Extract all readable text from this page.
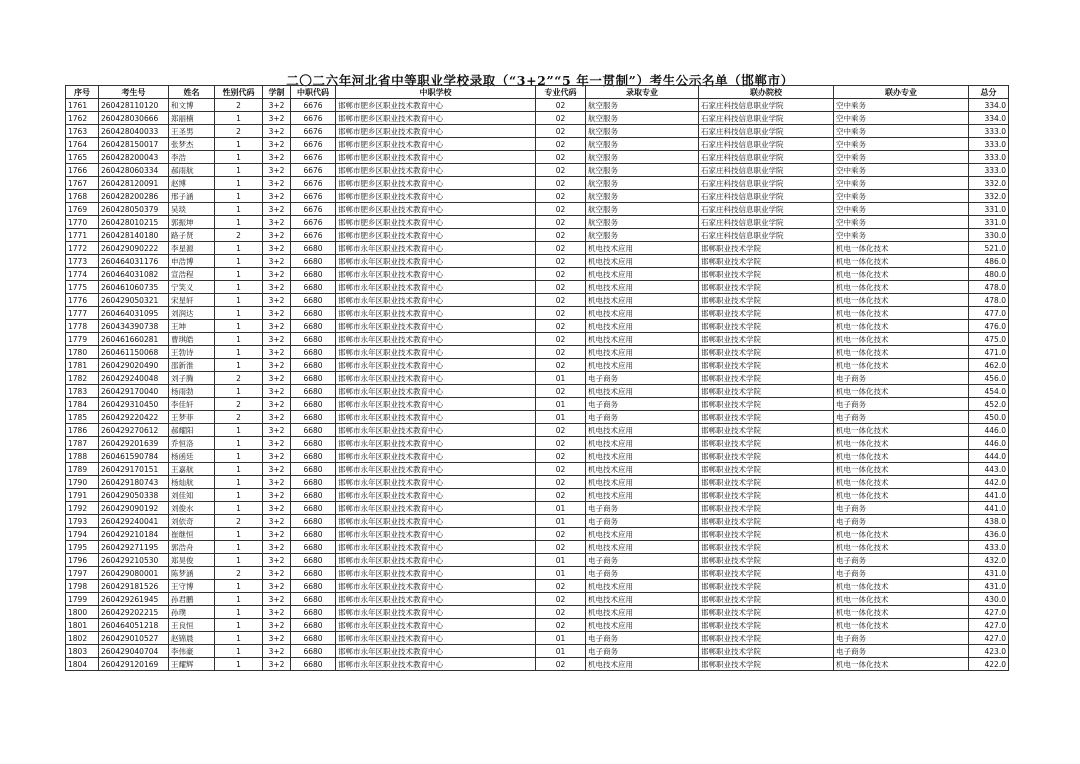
二〇二六年河北省中等职业学校录取（“3+2”“5 年一贯制”）考生公示名单（邯郸市）
序号	考生号	姓名	性别代码	学制	中职代码	中职学校	专业代码	录取专业	联办院校	联办专业	总分
1761	260428110120	和文博	2	3+2	6676	邯郸市肥乡区职业技术教育中心	02	航空服务	石家庄科技信息职业学院	空中乘务	334.0
1762	260428030666	郑丽楠	1	3+2	6676	邯郸市肥乡区职业技术教育中心	02	航空服务	石家庄科技信息职业学院	空中乘务	334.0
1763	260428040033	王圣男	2	3+2	6676	邯郸市肥乡区职业技术教育中心	02	航空服务	石家庄科技信息职业学院	空中乘务	333.0
1764	260428150017	张梦杰	1	3+2	6676	邯郸市肥乡区职业技术教育中心	02	航空服务	石家庄科技信息职业学院	空中乘务	333.0
1765	260428200043	李浩	1	3+2	6676	邯郸市肥乡区职业技术教育中心	02	航空服务	石家庄科技信息职业学院	空中乘务	333.0
1766	260428060334	郝雨航	1	3+2	6676	邯郸市肥乡区职业技术教育中心	02	航空服务	石家庄科技信息职业学院	空中乘务	333.0
1767	260428120091	赵博	1	3+2	6676	邯郸市肥乡区职业技术教育中心	02	航空服务	石家庄科技信息职业学院	空中乘务	332.0
1768	260428200286	邢子涵	1	3+2	6676	邯郸市肥乡区职业技术教育中心	02	航空服务	石家庄科技信息职业学院	空中乘务	332.0
1769	260428050379	吴琰	1	3+2	6676	邯郸市肥乡区职业技术教育中心	02	航空服务	石家庄科技信息职业学院	空中乘务	331.0
1770	260428010215	郭振坤	1	3+2	6676	邯郸市肥乡区职业技术教育中心	02	航空服务	石家庄科技信息职业学院	空中乘务	331.0
1771	260428140180	路子贤	2	3+2	6676	邯郸市肥乡区职业技术教育中心	02	航空服务	石家庄科技信息职业学院	空中乘务	330.0
1772	260429090222	李星源	1	3+2	6680	邯郸市永年区职业技术教育中心	02	机电技术应用	邯郸职业技术学院	机电一体化技术	521.0
1773	260464031176	申浩博	1	3+2	6680	邯郸市永年区职业技术教育中心	02	机电技术应用	邯郸职业技术学院	机电一体化技术	486.0
1774	260464031082	宣浩程	1	3+2	6680	邯郸市永年区职业技术教育中心	02	机电技术应用	邯郸职业技术学院	机电一体化技术	480.0
1775	260461060735	宁笑义	1	3+2	6680	邯郸市永年区职业技术教育中心	02	机电技术应用	邯郸职业技术学院	机电一体化技术	478.0
1776	260429050321	宋星轩	1	3+2	6680	邯郸市永年区职业技术教育中心	02	机电技术应用	邯郸职业技术学院	机电一体化技术	478.0
1777	260464031095	刘润达	1	3+2	6680	邯郸市永年区职业技术教育中心	02	机电技术应用	邯郸职业技术学院	机电一体化技术	477.0
1778	260434390738	王坤	1	3+2	6680	邯郸市永年区职业技术教育中心	02	机电技术应用	邯郸职业技术学院	机电一体化技术	476.0
1779	260461660281	曹琪皓	1	3+2	6680	邯郸市永年区职业技术教育中心	02	机电技术应用	邯郸职业技术学院	机电一体化技术	475.0
1780	260461150068	王勃诗	1	3+2	6680	邯郸市永年区职业技术教育中心	02	机电技术应用	邯郸职业技术学院	机电一体化技术	471.0
1781	260429020490	邵新淮	1	3+2	6680	邯郸市永年区职业技术教育中心	02	机电技术应用	邯郸职业技术学院	机电一体化技术	462.0
1782	260429240048	刘子腾	2	3+2	6680	邯郸市永年区职业技术教育中心	01	电子商务	邯郸职业技术学院	电子商务	456.0
1783	260429170040	杨雨勃	1	3+2	6680	邯郸市永年区职业技术教育中心	02	机电技术应用	邯郸职业技术学院	机电一体化技术	454.0
1784	260429310450	李佳轩	2	3+2	6680	邯郸市永年区职业技术教育中心	01	电子商务	邯郸职业技术学院	电子商务	452.0
1785	260429220422	王梦菲	2	3+2	6680	邯郸市永年区职业技术教育中心	01	电子商务	邯郸职业技术学院	电子商务	450.0
1786	260429270612	郝耀阳	1	3+2	6680	邯郸市永年区职业技术教育中心	02	机电技术应用	邯郸职业技术学院	机电一体化技术	446.0
1787	260429201639	乔恒洛	1	3+2	6680	邯郸市永年区职业技术教育中心	02	机电技术应用	邯郸职业技术学院	机电一体化技术	446.0
1788	260461590784	杨函廷	1	3+2	6680	邯郸市永年区职业技术教育中心	02	机电技术应用	邯郸职业技术学院	机电一体化技术	444.0
1789	260429170151	王嘉航	1	3+2	6680	邯郸市永年区职业技术教育中心	02	机电技术应用	邯郸职业技术学院	机电一体化技术	443.0
1790	260429180743	杨灿航	1	3+2	6680	邯郸市永年区职业技术教育中心	02	机电技术应用	邯郸职业技术学院	机电一体化技术	442.0
1791	260429050338	刘佳知	1	3+2	6680	邯郸市永年区职业技术教育中心	02	机电技术应用	邯郸职业技术学院	机电一体化技术	441.0
1792	260429090192	刘俊水	1	3+2	6680	邯郸市永年区职业技术教育中心	01	电子商务	邯郸职业技术学院	电子商务	441.0
1793	260429240041	刘依奇	2	3+2	6680	邯郸市永年区职业技术教育中心	01	电子商务	邯郸职业技术学院	电子商务	438.0
1794	260429210184	崔继恒	1	3+2	6680	邯郸市永年区职业技术教育中心	02	机电技术应用	邯郸职业技术学院	机电一体化技术	436.0
1795	260429271195	郭浩舟	1	3+2	6680	邯郸市永年区职业技术教育中心	02	机电技术应用	邯郸职业技术学院	机电一体化技术	433.0
1796	260429210530	郑昊俊	1	3+2	6680	邯郸市永年区职业技术教育中心	01	电子商务	邯郸职业技术学院	电子商务	432.0
1797	260429080001	陈梦涵	2	3+2	6680	邯郸市永年区职业技术教育中心	01	电子商务	邯郸职业技术学院	电子商务	431.0
1798	260429181526	王守博	1	3+2	6680	邯郸市永年区职业技术教育中心	02	机电技术应用	邯郸职业技术学院	机电一体化技术	431.0
1799	260429261945	孙君鹏	1	3+2	6680	邯郸市永年区职业技术教育中心	02	机电技术应用	邯郸职业技术学院	机电一体化技术	430.0
1800	260429202215	孙璞	1	3+2	6680	邯郸市永年区职业技术教育中心	02	机电技术应用	邯郸职业技术学院	机电一体化技术	427.0
1801	260464051218	王良恒	1	3+2	6680	邯郸市永年区职业技术教育中心	02	机电技术应用	邯郸职业技术学院	机电一体化技术	427.0
1802	260429010527	赵锦晨	1	3+2	6680	邯郸市永年区职业技术教育中心	01	电子商务	邯郸职业技术学院	电子商务	427.0
1803	260429040704	李伟豪	1	3+2	6680	邯郸市永年区职业技术教育中心	01	电子商务	邯郸职业技术学院	电子商务	423.0
1804	260429120169	王耀辉	1	3+2	6680	邯郸市永年区职业技术教育中心	02	机电技术应用	邯郸职业技术学院	机电一体化技术	422.0
